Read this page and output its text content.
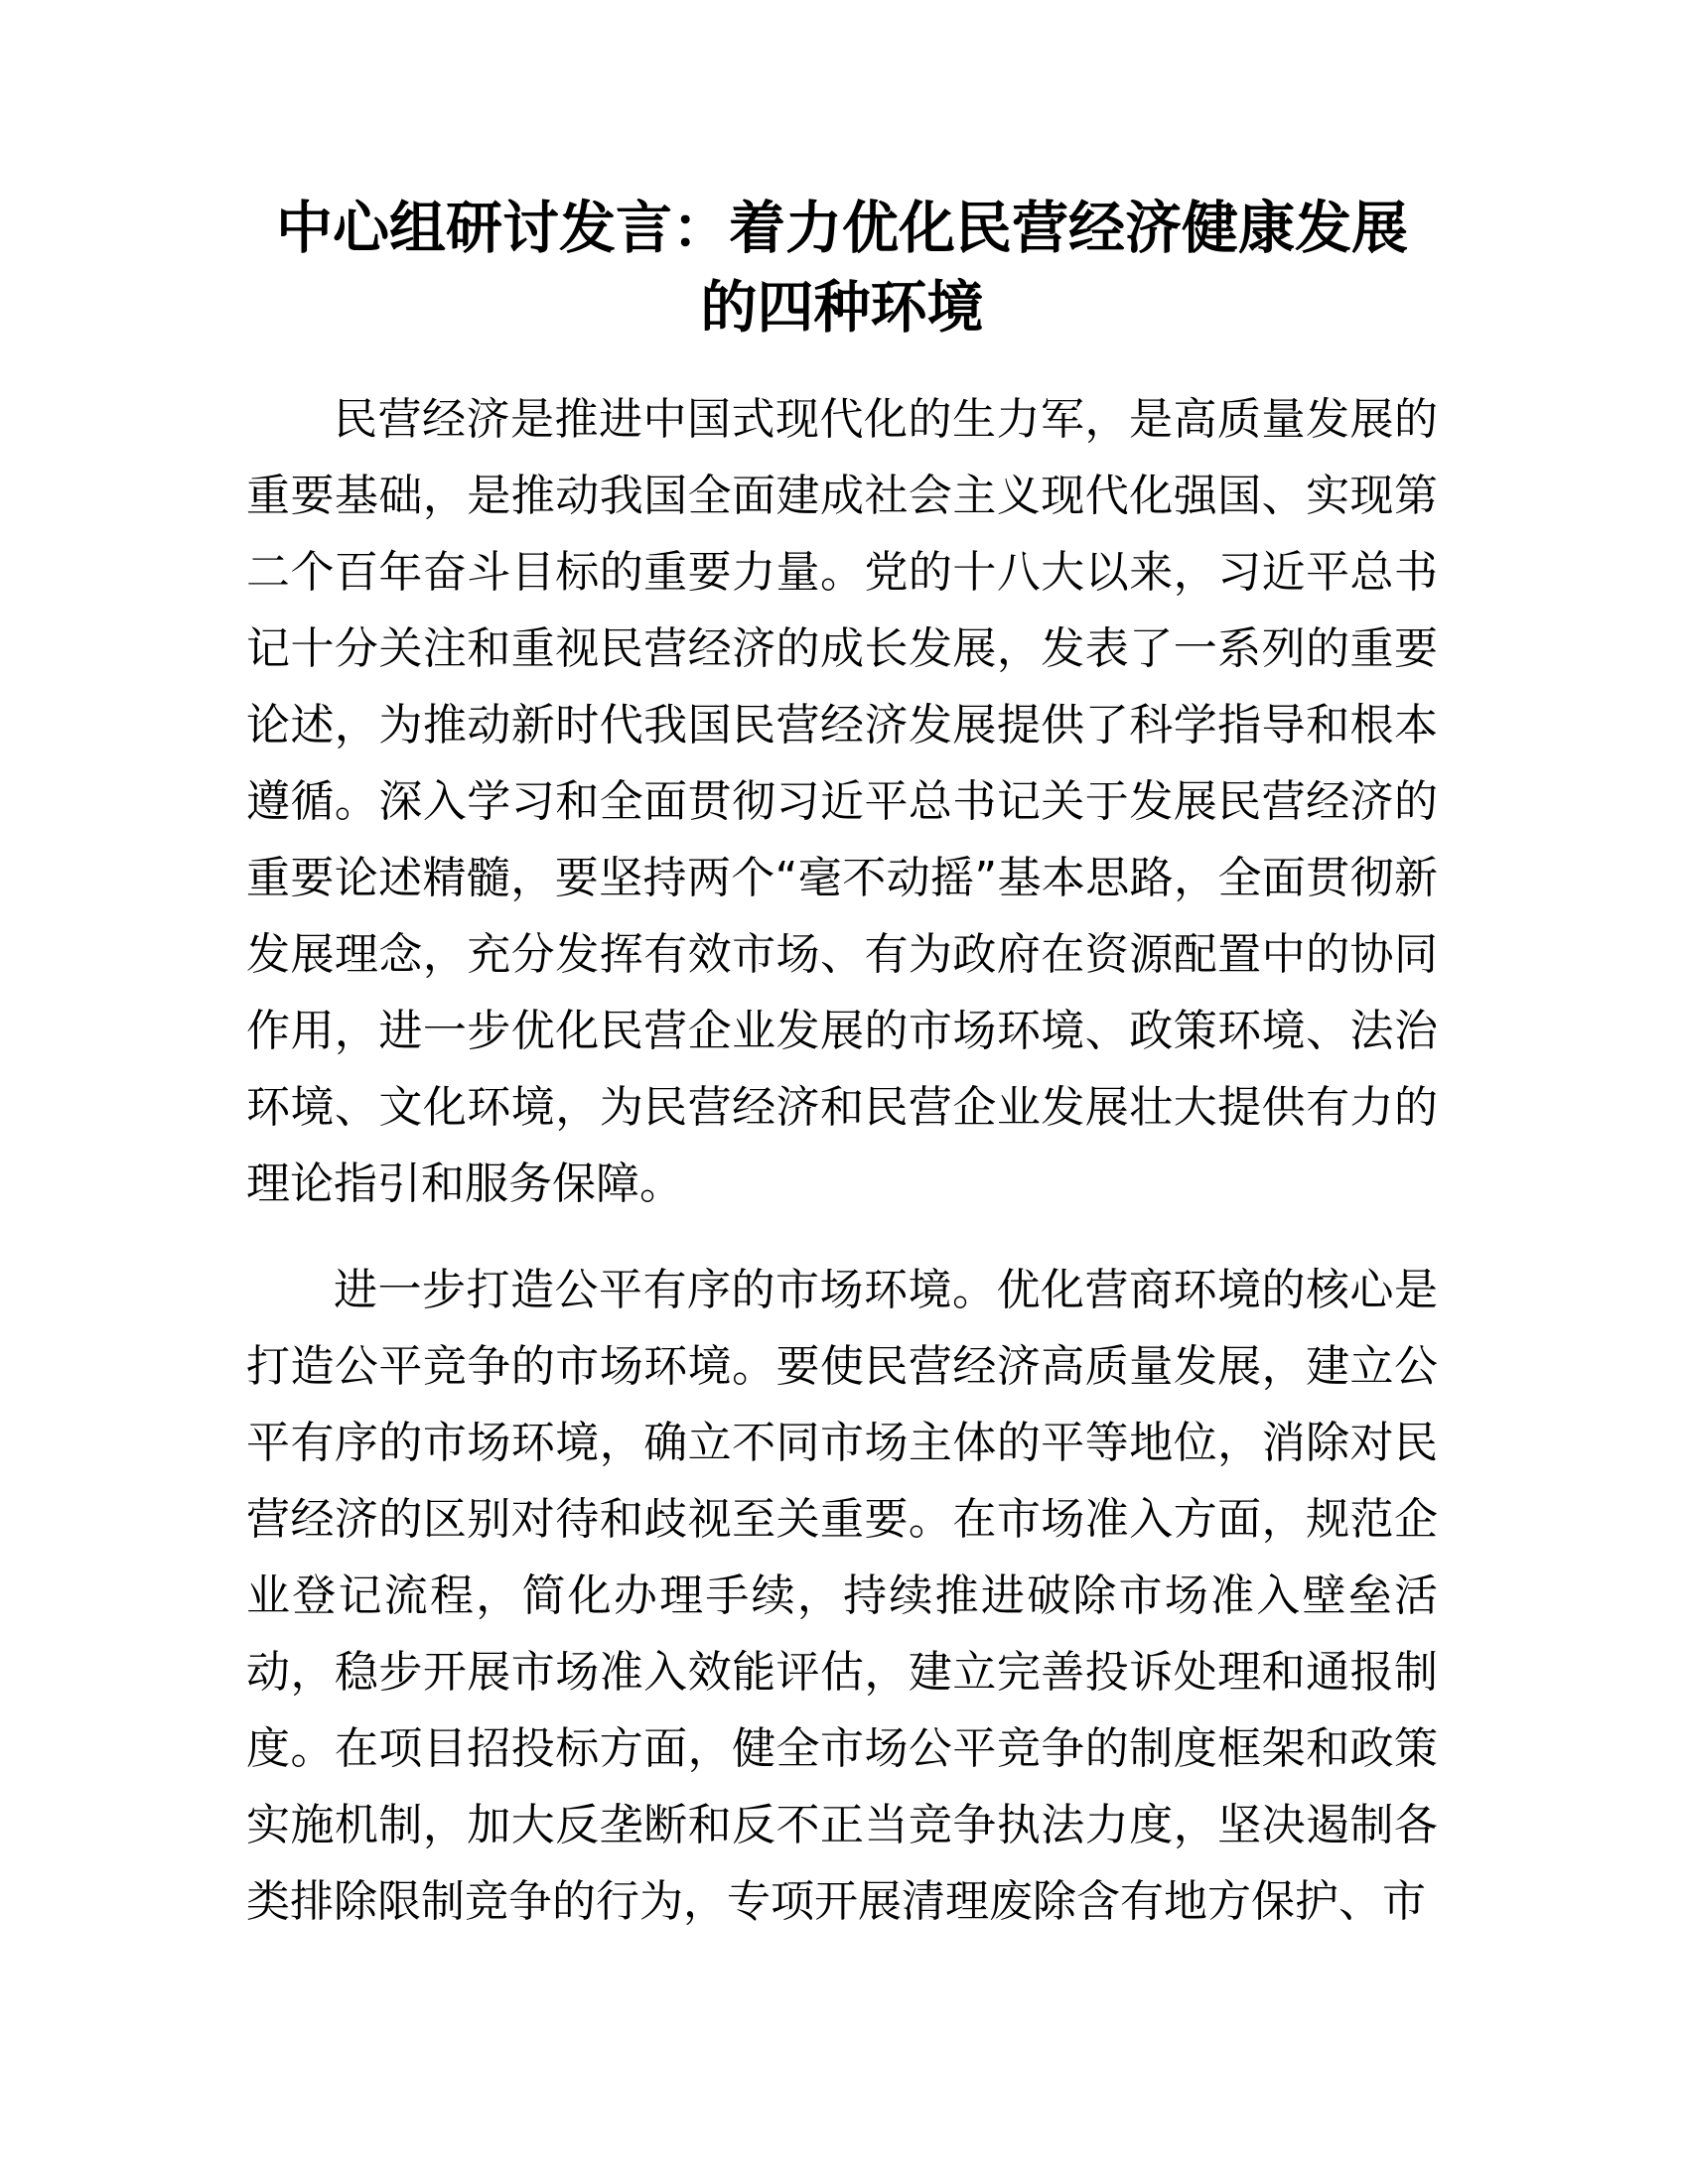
中心组研讨发言：着力优化民营经济健康发展
的四种环境

民营经济是推进中国式现代化的生力军，是高质量发展的重要基础，是推动我国全面建成社会主义现代化强国、实现第二个百年奋斗目标的重要力量。党的十八大以来，习近平总书记十分关注和重视民营经济的成长发展，发表了一系列的重要论述，为推动新时代我国民营经济发展提供了科学指导和根本遵循。深入学习和全面贯彻习近平总书记关于发展民营经济的重要论述精髓，要坚持两个“毫不动摇”基本思路，全面贯彻新发展理念，充分发挥有效市场、有为政府在资源配置中的协同作用，进一步优化民营企业发展的市场环境、政策环境、法治环境、文化环境，为民营经济和民营企业发展壮大提供有力的理论指引和服务保障。

进一步打造公平有序的市场环境。优化营商环境的核心是打造公平竞争的市场环境。要使民营经济高质量发展，建立公平有序的市场环境，确立不同市场主体的平等地位，消除对民营经济的区别对待和歧视至关重要。在市场准入方面，规范企业登记流程，简化办理手续，持续推进破除市场准入壁垒活动，稳步开展市场准入效能评估，建立完善投诉处理和通报制度。在项目招投标方面，健全市场公平竞争的制度框架和政策实施机制，加大反垄断和反不正当竞争执法力度，坚决遏制各类排除限制竞争的行为，专项开展清理废除含有地方保护、市
